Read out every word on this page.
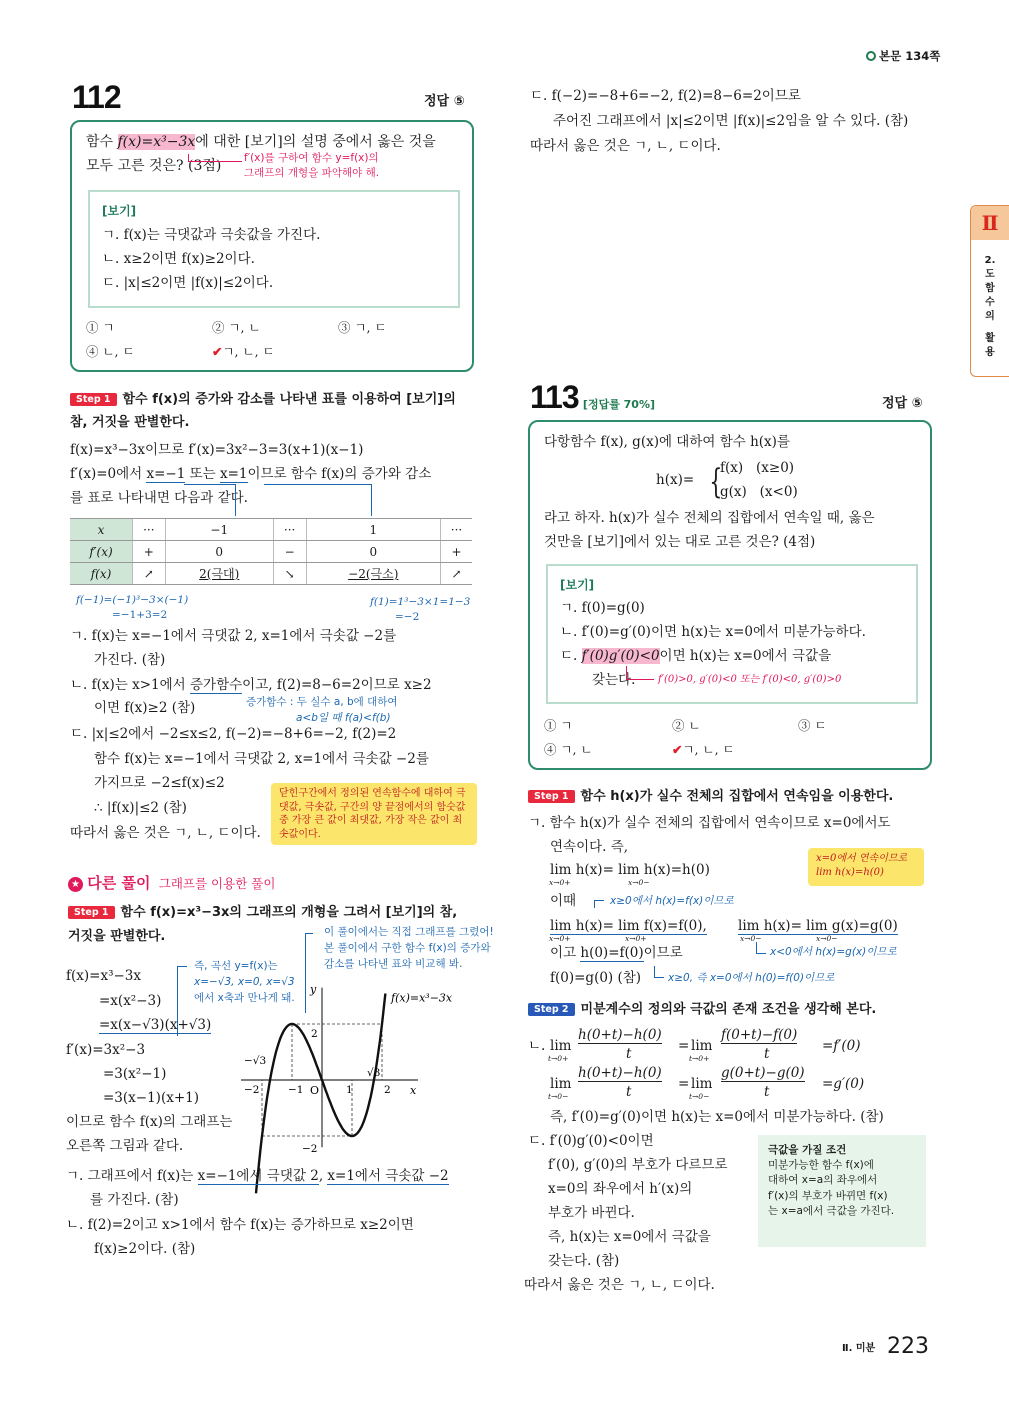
본문 134쪽
Ⅱ
2.
도
함
수
의
활
용
112	정답 ⑤
함수 f(x)=x³−3x에 대한 [보기]의 설명 중에서 옳은 것을
모두 고른 것은? (3점) f′(x)를 구하여 함수 y=f(x)의
그래프의 개형을 파악해야 해.
[보기]
ㄱ. f(x)는 극댓값과 극솟값을 가진다.
ㄴ. x≥2이면 f(x)≥2이다.
ㄷ. |x|≤2이면 |f(x)|≤2이다.
① ㄱ	② ㄱ, ㄴ	③ ㄱ, ㄷ
④ ㄴ, ㄷ	✔ㄱ, ㄴ, ㄷ
Step 1 함수 f(x)의 증가와 감소를 나타낸 표를 이용하여 [보기]의
참, 거짓을 판별한다.
f(x)=x³−3x이므로 f′(x)=3x²−3=3(x+1)(x−1)
f′(x)=0에서 x=−1 또는 x=1이므로 함수 f(x)의 증가와 감소
를 표로 나타내면 다음과 같다.
x	···	−1	···	1	···
f′(x)	+	0	−	0	+
f(x)	↗	2(극대)	↘	−2(극소)	↗
f(−1)=(−1)³−3×(−1)
=−1+3=2
f(1)=1³−3×1=1−3
=−2
ㄱ. f(x)는 x=−1에서 극댓값 2, x=1에서 극솟값 −2를
가진다. (참)
ㄴ. f(x)는 x>1에서 증가함수이고, f(2)=8−6=2이므로 x≥2
이면 f(x)≥2 (참)	증가함수 : 두 실수 a, b에 대하여
a<b일 때 f(a)<f(b)
ㄷ. |x|≤2에서 −2≤x≤2, f(−2)=−8+6=−2, f(2)=2
함수 f(x)는 x=−1에서 극댓값 2, x=1에서 극솟값 −2를
가지므로 −2≤f(x)≤2
∴ |f(x)|≤2 (참)
따라서 옳은 것은 ㄱ, ㄴ, ㄷ이다.
닫힌구간에서 정의된 연속함수에 대하여 극댓값, 극솟값, 구간의 양 끝점에서의 함숫값 중 가장 큰 값이 최댓값, 가장 작은 값이 최솟값이다.
★ 다른 풀이 그래프를 이용한 풀이
Step 1 함수 f(x)=x³−3x의 그래프의 개형을 그려서 [보기]의 참,
거짓을 판별한다.	이 풀이에서는 직접 그래프를 그렸어!
본 풀이에서 구한 함수 f(x)의 증가와
감소를 나타낸 표와 비교해 봐.
즉, 곡선 y=f(x)는
x=−√3, x=0, x=√3
에서 x축과 만나게 돼.
f(x)=x³−3x
=x(x²−3)
=x(x−√3)(x+√3)
f′(x)=3x²−3
=3(x²−1)
=3(x−1)(x+1)
이므로 함수 f(x)의 그래프는
오른쪽 그림과 같다.
y
x
O
f(x)=x³−3x
−2	−1	1	2
2
−2
−√3
√3
ㄱ. 그래프에서 f(x)는 x=−1에서 극댓값 2, x=1에서 극솟값 −2
를 가진다. (참)
ㄴ. f(2)=2이고 x>1에서 함수 f(x)는 증가하므로 x≥2이면
f(x)≥2이다. (참)
ㄷ. f(−2)=−8+6=−2, f(2)=8−6=2이므로
주어진 그래프에서 |x|≤2이면 |f(x)|≤2임을 알 수 있다. (참)
따라서 옳은 것은 ㄱ, ㄴ, ㄷ이다.
113 [정답률 70%]	정답 ⑤
다항함수 f(x), g(x)에 대하여 함수 h(x)를
h(x)= {
f(x)   (x≥0)
g(x)   (x<0)
라고 하자. h(x)가 실수 전체의 집합에서 연속일 때, 옳은
것만을 [보기]에서 있는 대로 고른 것은? (4점)
[보기]
ㄱ. f(0)=g(0)
ㄴ. f′(0)=g′(0)이면 h(x)는 x=0에서 미분가능하다.
ㄷ. f′(0)g′(0)<0이면 h(x)는 x=0에서 극값을
갖는다. f′(0)>0, g′(0)<0 또는 f′(0)<0, g′(0)>0
① ㄱ	② ㄴ	③ ㄷ
④ ㄱ, ㄴ	✔ㄱ, ㄴ, ㄷ
Step 1 함수 h(x)가 실수 전체의 집합에서 연속임을 이용한다.
ㄱ. 함수 h(x)가 실수 전체의 집합에서 연속이므로 x=0에서도
연속이다. 즉,
lim h(x)= lim h(x)=h(0)
x→0+	x→0−
x=0에서 연속이므로
lim h(x)=h(0)
이때	x≥0에서 h(x)=f(x)이므로
lim h(x)= lim f(x)=f(0), lim h(x)= lim g(x)=g(0)
x→0+	x→0+	x→0−	x→0−
x<0에서 h(x)=g(x)이므로
이고 h(0)=f(0)이므로
f(0)=g(0) (참)	x≥0, 즉 x=0에서 h(0)=f(0)이므로
Step 2 미분계수의 정의와 극값의 존재 조건을 생각해 본다.
ㄴ. lim
t→0+
h(0+t)−h(0)
t	= lim
t→0+
f(0+t)−f(0)
t	=f′(0)
lim
t→0−
h(0+t)−h(0)
t	= lim
t→0−
g(0+t)−g(0)
t	=g′(0)
즉, f′(0)=g′(0)이면 h(x)는 x=0에서 미분가능하다. (참)
ㄷ. f′(0)g′(0)<0이면
f′(0), g′(0)의 부호가 다르므로
x=0의 좌우에서 h′(x)의
부호가 바뀐다.
즉, h(x)는 x=0에서 극값을
갖는다. (참)
따라서 옳은 것은 ㄱ, ㄴ, ㄷ이다.
극값을 가질 조건
미분가능한 함수 f(x)에
대하여 x=a의 좌우에서
f′(x)의 부호가 바뀌면 f(x)
는 x=a에서 극값을 가진다.
Ⅱ. 미분 223
